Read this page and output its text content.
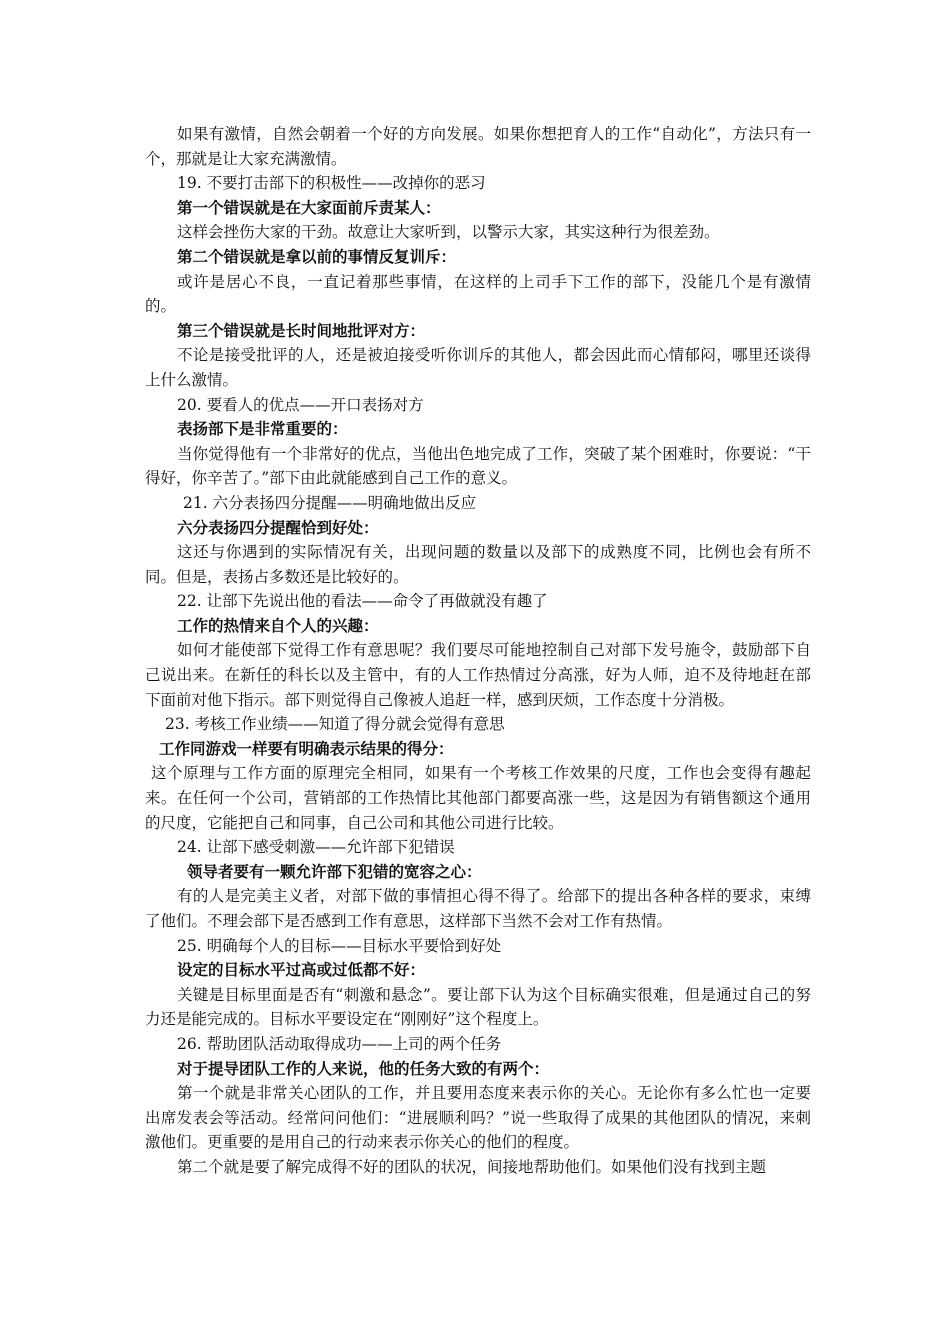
如果有激情，自然会朝着一个好的方向发展。如果你想把育人的工作“自动化”，方法只有一个，那就是让大家充满激情。

19. 不要打击部下的积极性——改掉你的恶习

第一个错误就是在大家面前斥责某人：

这样会挫伤大家的干劲。故意让大家听到，以警示大家，其实这种行为很差劲。

第二个错误就是拿以前的事情反复训斥：

或许是居心不良，一直记着那些事情，在这样的上司手下工作的部下，没能几个是有激情的。

第三个错误就是长时间地批评对方：

不论是接受批评的人，还是被迫接受听你训斥的其他人，都会因此而心情郁闷，哪里还谈得上什么激情。

20. 要看人的优点——开口表扬对方

表扬部下是非常重要的：

当你觉得他有一个非常好的优点，当他出色地完成了工作，突破了某个困难时，你要说：“干得好，你辛苦了。”部下由此就能感到自己工作的意义。

21. 六分表扬四分提醒——明确地做出反应

六分表扬四分提醒恰到好处：

这还与你遇到的实际情况有关，出现问题的数量以及部下的成熟度不同，比例也会有所不同。但是，表扬占多数还是比较好的。

22. 让部下先说出他的看法——命令了再做就没有趣了

工作的热情来自个人的兴趣：

如何才能使部下觉得工作有意思呢？我们要尽可能地控制自己对部下发号施令，鼓励部下自己说出来。在新任的科长以及主管中，有的人工作热情过分高涨，好为人师，迫不及待地赶在部下面前对他下指示。部下则觉得自己像被人追赶一样，感到厌烦，工作态度十分消极。

23. 考核工作业绩——知道了得分就会觉得有意思

工作同游戏一样要有明确表示结果的得分：

这个原理与工作方面的原理完全相同，如果有一个考核工作效果的尺度，工作也会变得有趣起来。在任何一个公司，营销部的工作热情比其他部门都要高涨一些，这是因为有销售额这个通用的尺度，它能把自己和同事，自己公司和其他公司进行比较。

24. 让部下感受刺激——允许部下犯错误

领导者要有一颗允许部下犯错的宽容之心：

有的人是完美主义者，对部下做的事情担心得不得了。给部下的提出各种各样的要求，束缚了他们。不理会部下是否感到工作有意思，这样部下当然不会对工作有热情。

25. 明确每个人的目标——目标水平要恰到好处

设定的目标水平过高或过低都不好：

关键是目标里面是否有“刺激和悬念”。要让部下认为这个目标确实很难，但是通过自己的努力还是能完成的。目标水平要设定在“刚刚好”这个程度上。

26. 帮助团队活动取得成功——上司的两个任务

对于提导团队工作的人来说，他的任务大致的有两个：

第一个就是非常关心团队的工作，并且要用态度来表示你的关心。无论你有多么忙也一定要出席发表会等活动。经常问问他们：“进展顺利吗？”说一些取得了成果的其他团队的情况，来刺激他们。更重要的是用自己的行动来表示你关心的他们的程度。

第二个就是要了解完成得不好的团队的状况，间接地帮助他们。如果他们没有找到主题
